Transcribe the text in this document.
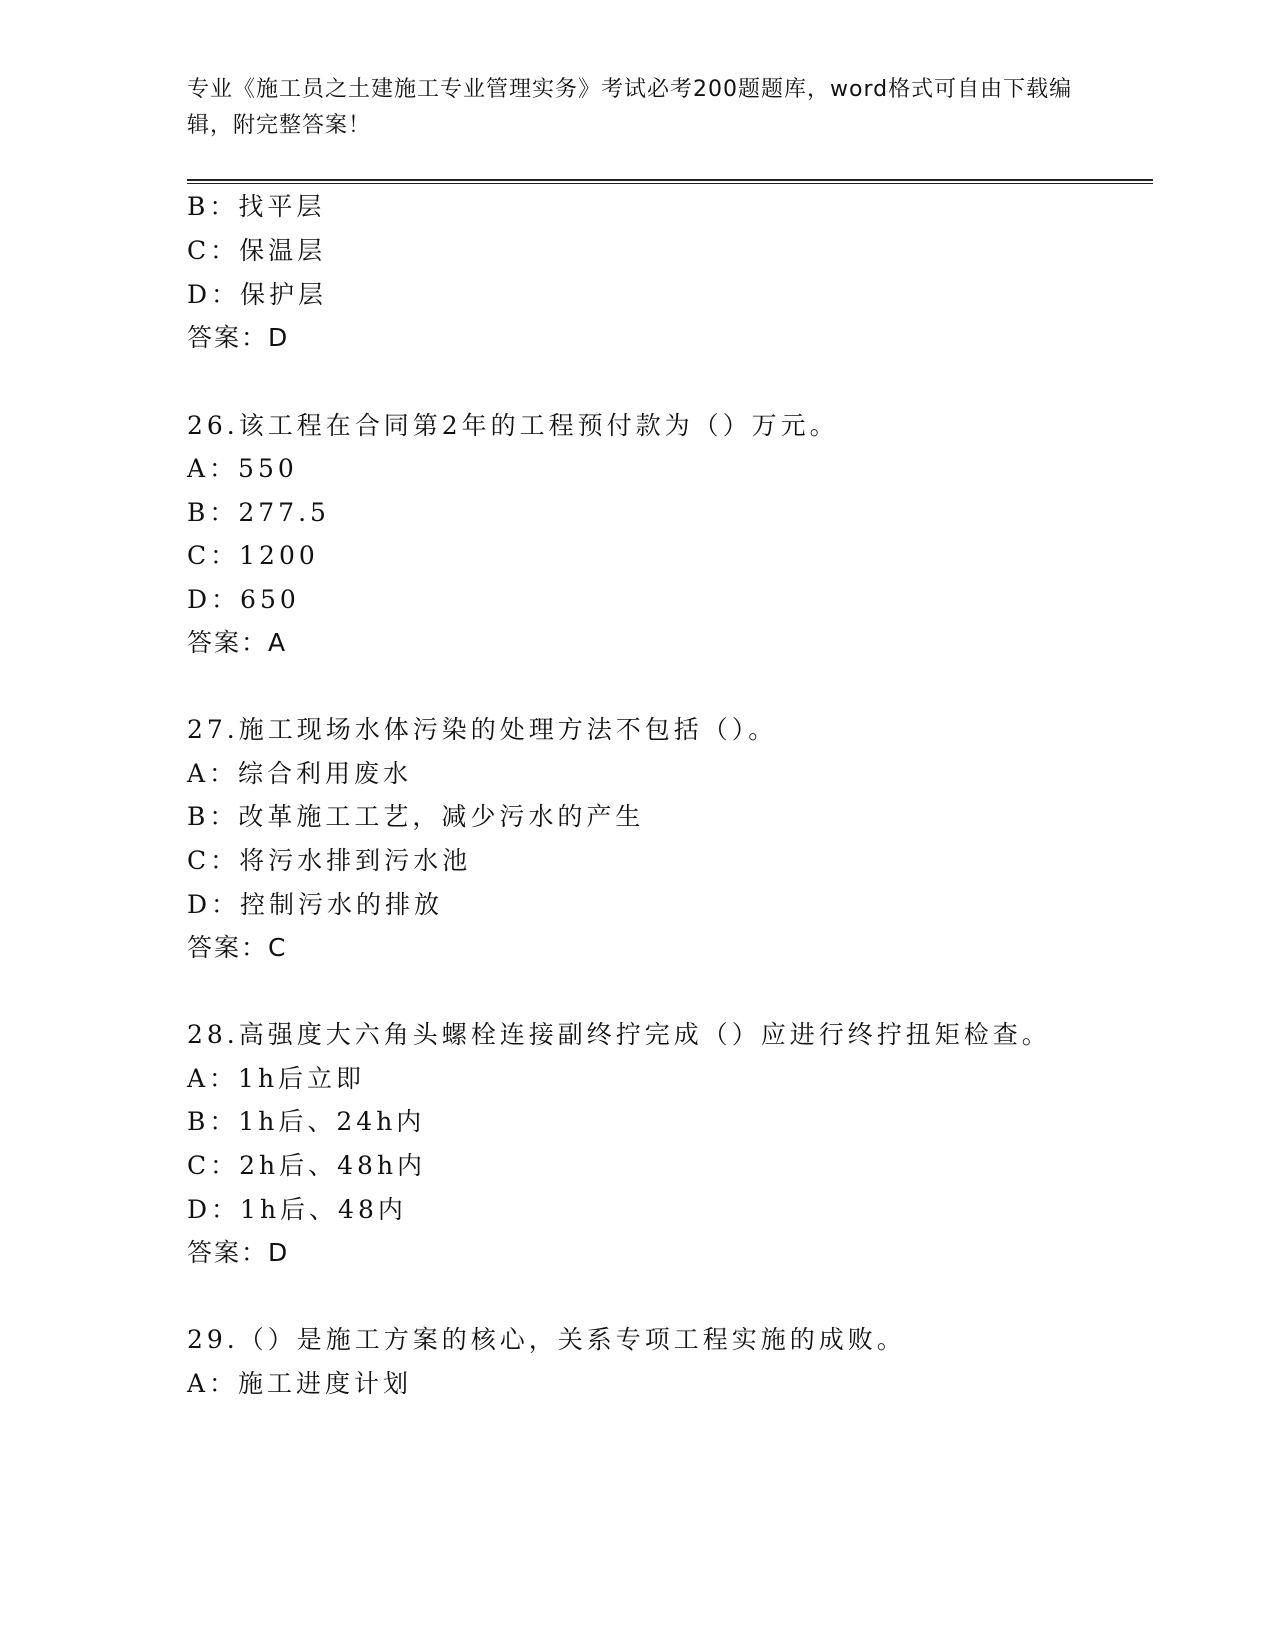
专业《施工员之土建施工专业管理实务》考试必考200题题库，word格式可自由下载编辑，附完整答案！
B：找平层
C：保温层
D：保护层
答案：D
26.该工程在合同第2年的工程预付款为（）万元。
A：550
B：277.5
C：1200
D：650
答案：A
27.施工现场水体污染的处理方法不包括（）。
A：综合利用废水
B：改革施工工艺，减少污水的产生
C：将污水排到污水池
D：控制污水的排放
答案：C
28.高强度大六角头螺栓连接副终拧完成（）应进行终拧扭矩检查。
A：1h后立即
B：1h后、24h内
C：2h后、48h内
D：1h后、48内
答案：D
29.（）是施工方案的核心，关系专项工程实施的成败。
A：施工进度计划
